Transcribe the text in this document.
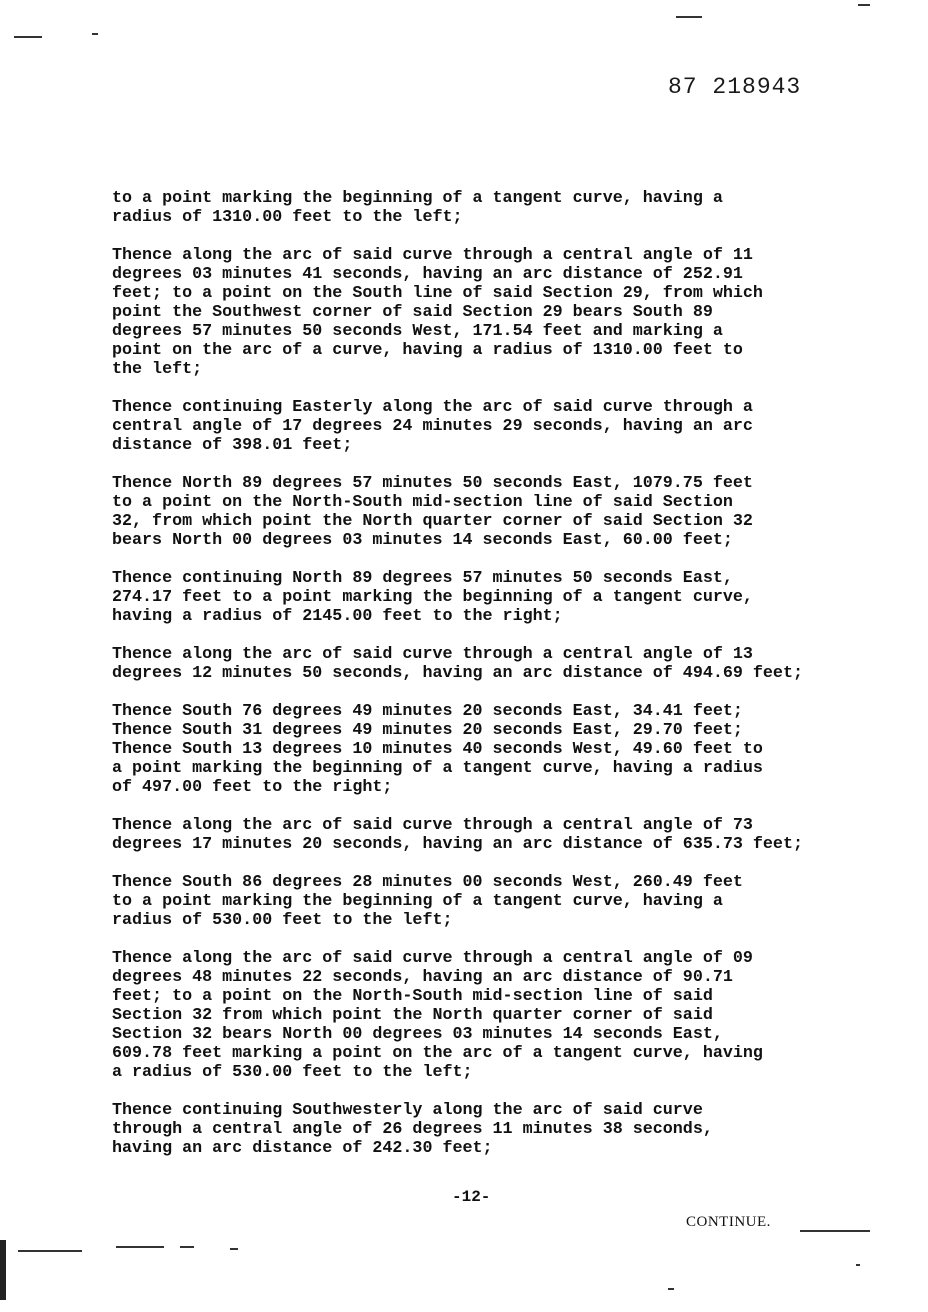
87 218943
to a point marking the beginning of a tangent curve, having a
radius of 1310.00 feet to the left;
Thence along the arc of said curve through a central angle of 11
degrees 03 minutes 41 seconds, having an arc distance of 252.91
feet; to a point on the South line of said Section 29, from which
point the Southwest corner of said Section 29 bears South 89
degrees 57 minutes 50 seconds West, 171.54 feet and marking a
point on the arc of a curve, having a radius of 1310.00 feet to
the left;
Thence continuing Easterly along the arc of said curve through a
central angle of 17 degrees 24 minutes 29 seconds, having an arc
distance of 398.01 feet;
Thence North 89 degrees 57 minutes 50 seconds East, 1079.75 feet
to a point on the North-South mid-section line of said Section
32, from which point the North quarter corner of said Section 32
bears North 00 degrees 03 minutes 14 seconds East, 60.00 feet;
Thence continuing North 89 degrees 57 minutes 50 seconds East,
274.17 feet to a point marking the beginning of a tangent curve,
having a radius of 2145.00 feet to the right;
Thence along the arc of said curve through a central angle of 13
degrees 12 minutes 50 seconds, having an arc distance of 494.69 feet;
Thence South 76 degrees 49 minutes 20 seconds East, 34.41 feet;
Thence South 31 degrees 49 minutes 20 seconds East, 29.70 feet;
Thence South 13 degrees 10 minutes 40 seconds West, 49.60 feet to
a point marking the beginning of a tangent curve, having a radius
of 497.00 feet to the right;
Thence along the arc of said curve through a central angle of 73
degrees 17 minutes 20 seconds, having an arc distance of 635.73 feet;
Thence South 86 degrees 28 minutes 00 seconds West, 260.49 feet
to a point marking the beginning of a tangent curve, having a
radius of 530.00 feet to the left;
Thence along the arc of said curve through a central angle of 09
degrees 48 minutes 22 seconds, having an arc distance of 90.71
feet; to a point on the North-South mid-section line of said
Section 32 from which point the North quarter corner of said
Section 32 bears North 00 degrees 03 minutes 14 seconds East,
609.78 feet marking a point on the arc of a tangent curve, having
a radius of 530.00 feet to the left;
Thence continuing Southwesterly along the arc of said curve
through a central angle of 26 degrees 11 minutes 38 seconds,
having an arc distance of 242.30 feet;
-12-
CONTINUE.
